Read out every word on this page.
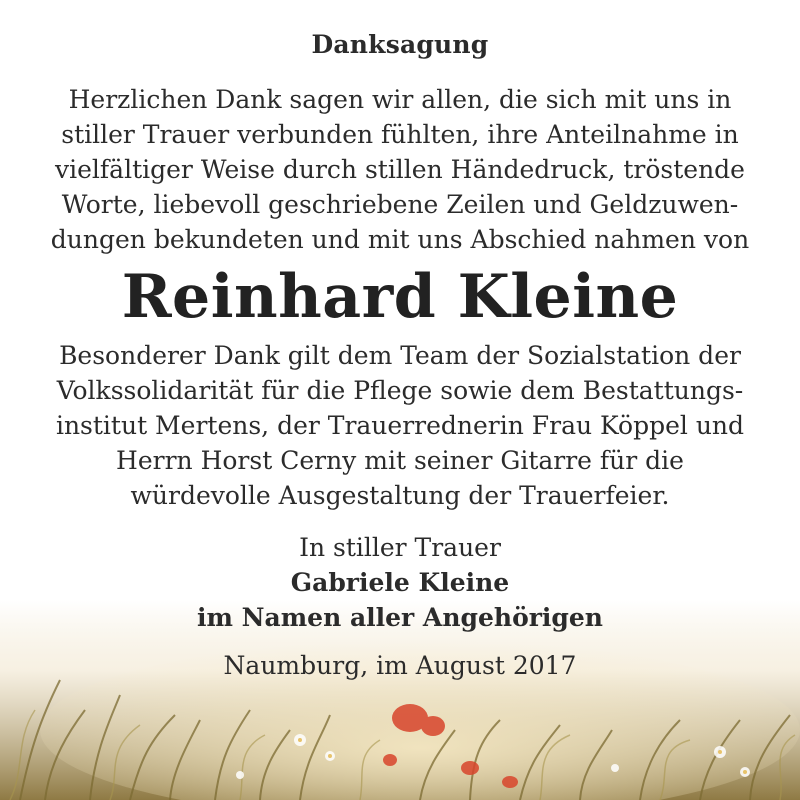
Danksagung
Herzlichen Dank sagen wir allen, die sich mit uns in
stiller Trauer verbunden fühlten, ihre Anteilnahme in
vielfältiger Weise durch stillen Händedruck, tröstende
Worte, liebevoll geschriebene Zeilen und Geldzuwen-
dungen bekundeten und mit uns Abschied nahmen von
Reinhard Kleine
Besonderer Dank gilt dem Team der Sozialstation der
Volkssolidarität für die Pflege sowie dem Bestattungs-
institut Mertens, der Trauerrednerin Frau Köppel und
Herrn Horst Cerny mit seiner Gitarre für die
würdevolle Ausgestaltung der Trauerfeier.
In stiller Trauer
Gabriele Kleine
im Namen aller Angehörigen
Naumburg, im August 2017
